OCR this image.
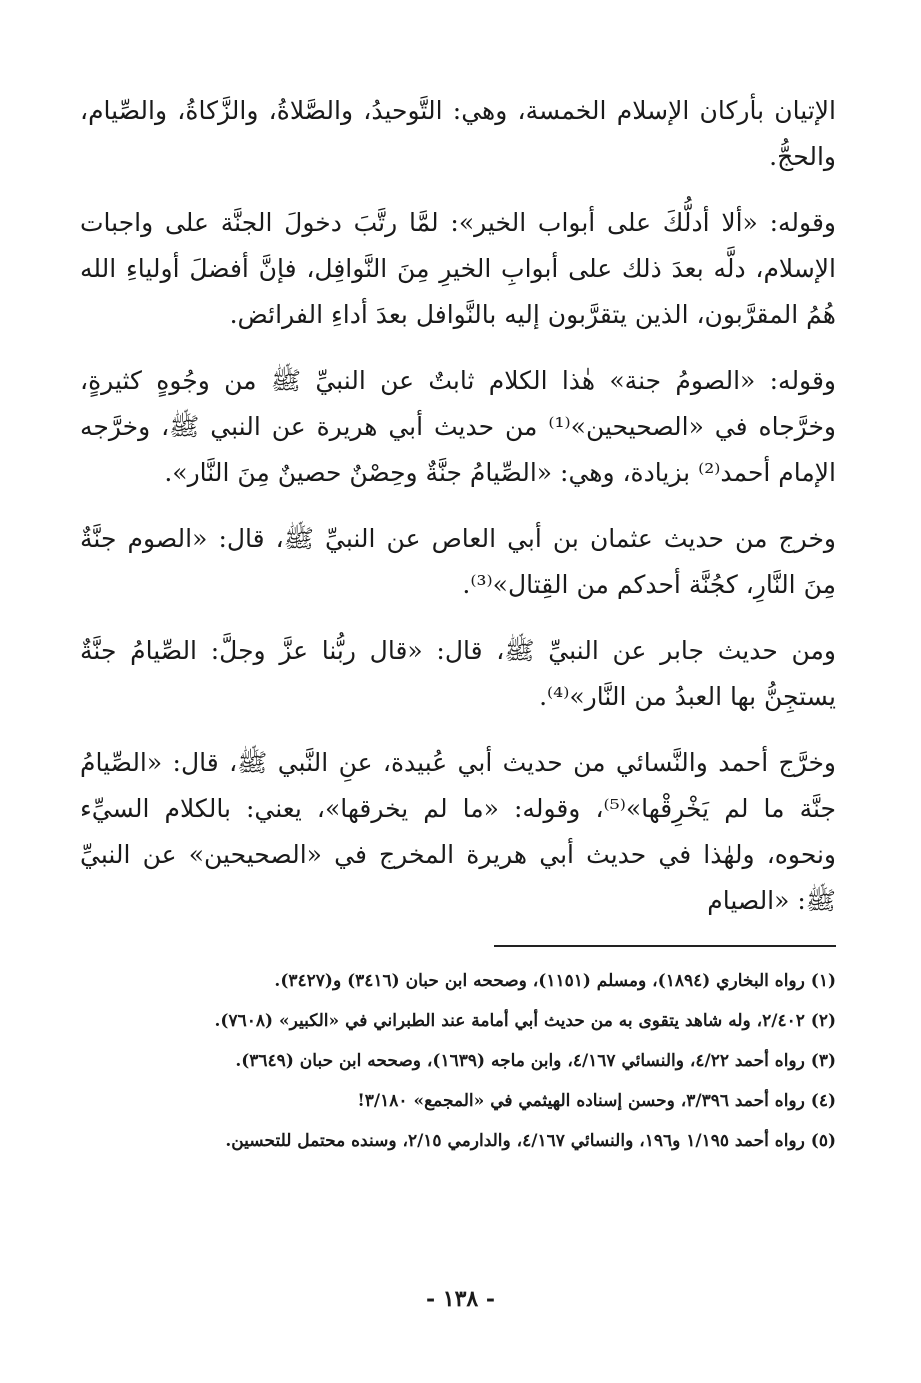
الإتيان بأركان الإسلام الخمسة، وهي: التَّوحيدُ، والصَّلاةُ، والزَّكاةُ، والصِّيام، والحجُّ.

وقوله: «ألا أدلُّكَ على أبواب الخير»: لمَّا رتَّبَ دخولَ الجنَّة على واجبات الإسلام، دلَّه بعدَ ذلك على أبوابِ الخيرِ مِنَ النَّوافِل، فإنَّ أفضلَ أولياءِ الله هُمُ المقرَّبون، الذين يتقرَّبون إليه بالنَّوافل بعدَ أداءِ الفرائض.

وقوله: «الصومُ جنة» هٰذا الكلام ثابتٌ عن النبيِّ ﷺ من وجُوهٍ كثيرةٍ، وخرَّجاه في «الصحيحين»⁽¹⁾ من حديث أبي هريرة عن النبي ﷺ، وخرَّجه الإمام أحمد⁽²⁾ بزيادة، وهي: «الصِّيامُ جنَّةٌ وحِصْنٌ حصينٌ مِنَ النَّار».

وخرج من حديث عثمان بن أبي العاص عن النبيِّ ﷺ، قال: «الصوم جنَّةٌ مِنَ النَّارِ، كجُنَّة أحدكم من القِتال»⁽³⁾.

ومن حديث جابر عن النبيِّ ﷺ، قال: «قال ربُّنا عزَّ وجلَّ: الصِّيامُ جنَّةٌ يستجِنُّ بها العبدُ من النَّار»⁽⁴⁾.

وخرَّج أحمد والنَّسائي من حديث أبي عُبيدة، عنِ النَّبي ﷺ، قال: «الصِّيامُ جنَّة ما لم يَخْرِقْها»⁽⁵⁾، وقوله: «ما لم يخرقها»، يعني: بالكلام السيِّء ونحوه، ولهٰذا في حديث أبي هريرة المخرج في «الصحيحين» عن النبيِّ ﷺ: «الصيام

(١) رواه البخاري (١٨٩٤)، ومسلم (١١٥١)، وصححه ابن حبان (٣٤١٦) و(٣٤٢٧).

(٢) ٢/٤٠٢، وله شاهد يتقوى به من حديث أبي أمامة عند الطبراني في «الكبير» (٧٦٠٨).

(٣) رواه أحمد ٤/٢٢، والنسائي ٤/١٦٧، وابن ماجه (١٦٣٩)، وصححه ابن حبان (٣٦٤٩).

(٤) رواه أحمد ٣/٣٩٦، وحسن إسناده الهيثمي في «المجمع» ٣/١٨٠!

(٥) رواه أحمد ١/١٩٥ و١٩٦، والنسائي ٤/١٦٧، والدارمي ٢/١٥، وسنده محتمل للتحسين.

- ١٣٨ -
